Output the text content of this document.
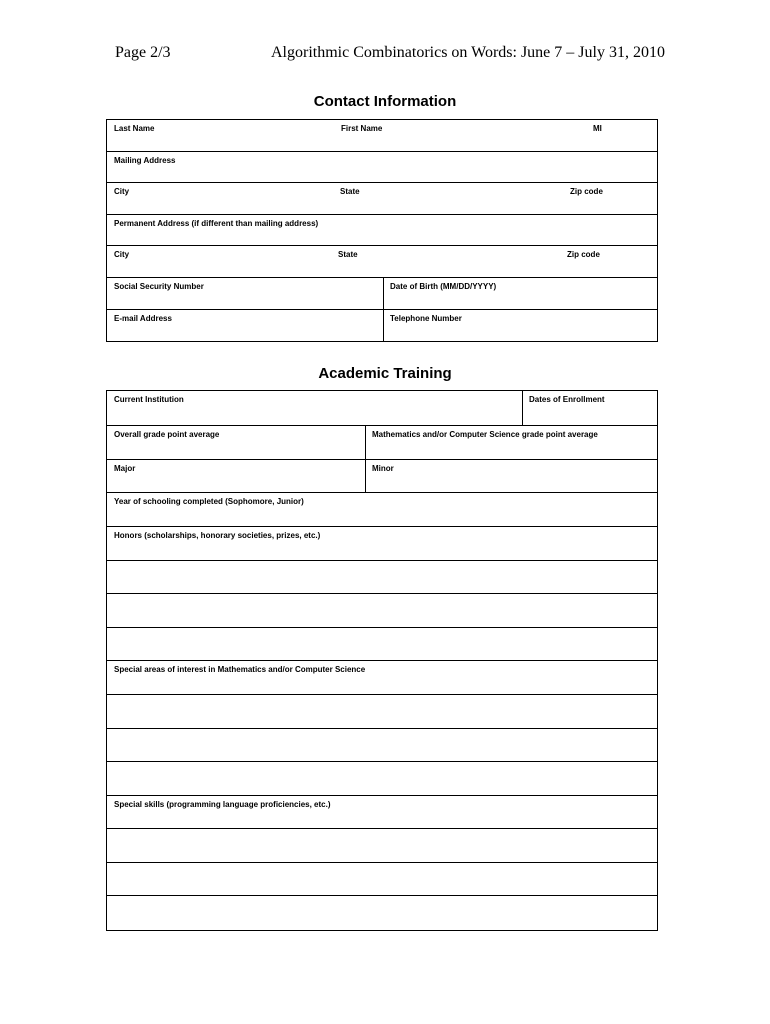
Page 2/3	Algorithmic Combinatorics on Words: June 7 – July 31, 2010
Contact Information
Last Name	First Name	MI
Mailing Address
City	State	Zip code
Permanent Address (if different than mailing address)
City	State	Zip code
Social Security Number	Date of Birth (MM/DD/YYYY)
E-mail Address	Telephone Number
Academic Training
Current Institution	Dates of Enrollment
Overall grade point average	Mathematics and/or Computer Science grade point average
Major	Minor
Year of schooling completed (Sophomore, Junior)
Honors (scholarships, honorary societies, prizes, etc.)
Special areas of interest in Mathematics and/or Computer Science
Special skills (programming language proficiencies, etc.)
